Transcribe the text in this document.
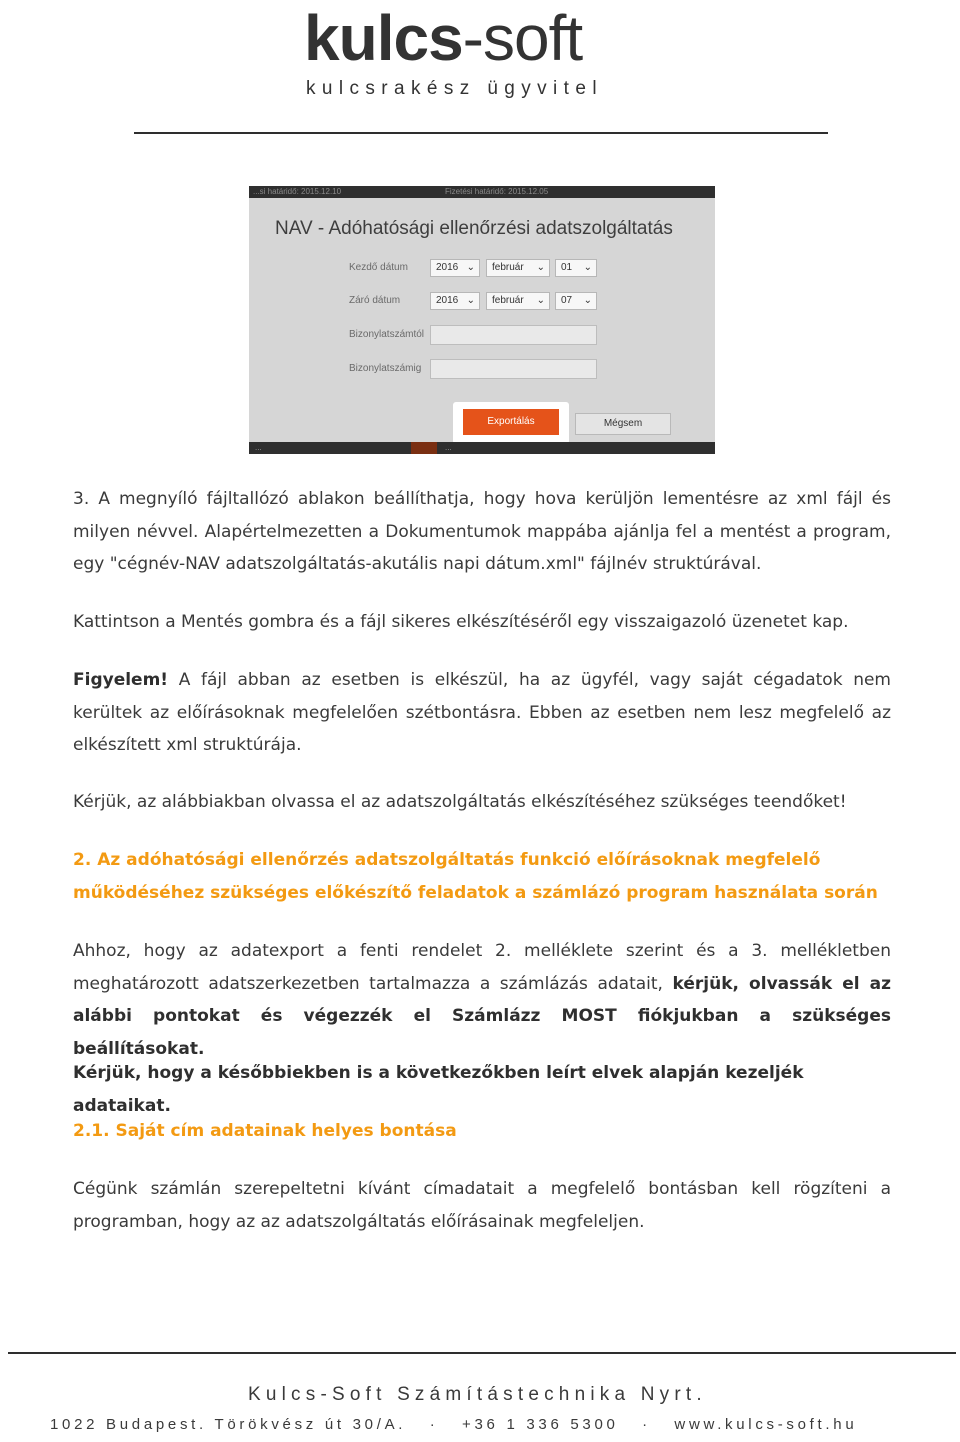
kulcs-soft
kulcsrakész ügyvitel
...si határidő: 2015.12.10	Fizetési határidő: 2015.12.05
NAV - Adóhatósági ellenőrzési adatszolgáltatás
Kezdő dátum	2016 ⌄	február ⌄	01 ⌄
Záró dátum	2016 ⌄	február ⌄	07 ⌄
Bizonylatszámtól
Bizonylatszámig
Exportálás	Mégsem
...	...

3. A megnyíló fájltallózó ablakon beállíthatja, hogy hova kerüljön lementésre az xml fájl és milyen névvel. Alapértelmezetten a Dokumentumok mappába ajánlja fel a mentést a program, egy "cégnév-NAV adatszolgáltatás-akutális napi dátum.xml" fájlnév struktúrával.

Kattintson a Mentés gombra és a fájl sikeres elkészítéséről egy visszaigazoló üzenetet kap.

Figyelem! A fájl abban az esetben is elkészül, ha az ügyfél, vagy saját cégadatok nem kerültek az előírásoknak megfelelően szétbontásra. Ebben az esetben nem lesz megfelelő az elkészített xml struktúrája.

Kérjük, az alábbiakban olvassa el az adatszolgáltatás elkészítéséhez szükséges teendőket!

2. Az adóhatósági ellenőrzés adatszolgáltatás funkció előírásoknak megfelelő működéséhez szükséges előkészítő feladatok a számlázó program használata során

Ahhoz, hogy az adatexport a fenti rendelet 2. melléklete szerint és a 3. mellékletben meghatározott adatszerkezetben tartalmazza a számlázás adatait, kérjük, olvassák el az alábbi pontokat és végezzék el Számlázz MOST fiókjukban a szükséges beállításokat.

Kérjük, hogy a későbbiekben is a következőkben leírt elvek alapján kezeljék adataikat.

2.1. Saját cím adatainak helyes bontása

Cégünk számlán szerepeltetni kívánt címadatait a megfelelő bontásban kell rögzíteni a programban, hogy az az adatszolgáltatás előírásainak megfeleljen.

Kulcs-Soft Számítástechnika Nyrt.
1022 Budapest. Törökvész út 30/A.   ·   +36 1 336 5300   ·   www.kulcs-soft.hu
